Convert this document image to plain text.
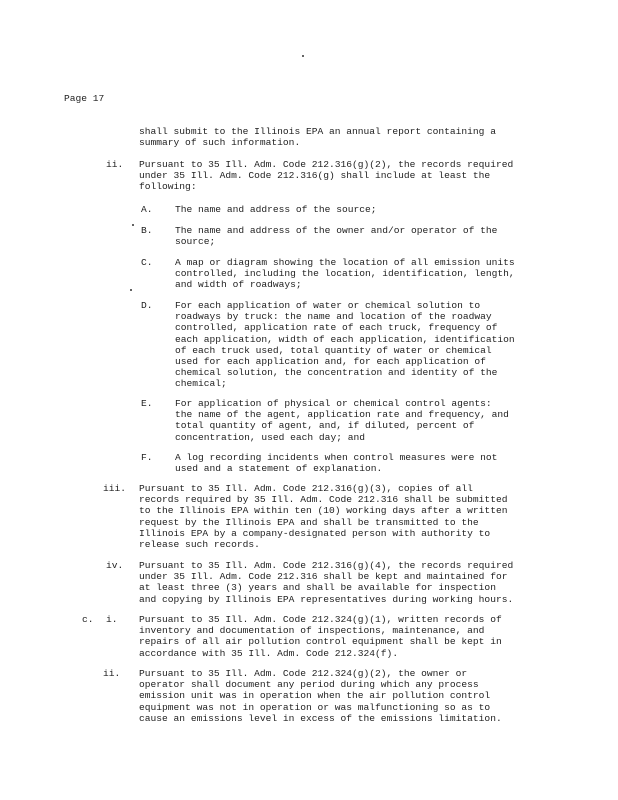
Page 17
shall submit to the Illinois EPA an annual report containing a
summary of such information.
ii. Pursuant to 35 Ill. Adm. Code 212.316(g)(2), the records required
under 35 Ill. Adm. Code 212.316(g) shall include at least the
following:
A. The name and address of the source;
B. The name and address of the owner and/or operator of the
source;
C. A map or diagram showing the location of all emission units
controlled, including the location, identification, length,
and width of roadways;
D. For each application of water or chemical solution to
roadways by truck: the name and location of the roadway
controlled, application rate of each truck, frequency of
each application, width of each application, identification
of each truck used, total quantity of water or chemical
used for each application and, for each application of
chemical solution, the concentration and identity of the
chemical;
E. For application of physical or chemical control agents:
the name of the agent, application rate and frequency, and
total quantity of agent, and, if diluted, percent of
concentration, used each day; and
F. A log recording incidents when control measures were not
used and a statement of explanation.
iii. Pursuant to 35 Ill. Adm. Code 212.316(g)(3), copies of all
records required by 35 Ill. Adm. Code 212.316 shall be submitted
to the Illinois EPA within ten (10) working days after a written
request by the Illinois EPA and shall be transmitted to the
Illinois EPA by a company-designated person with authority to
release such records.
iv. Pursuant to 35 Ill. Adm. Code 212.316(g)(4), the records required
under 35 Ill. Adm. Code 212.316 shall be kept and maintained for
at least three (3) years and shall be available for inspection
and copying by Illinois EPA representatives during working hours.
c. i. Pursuant to 35 Ill. Adm. Code 212.324(g)(1), written records of
inventory and documentation of inspections, maintenance, and
repairs of all air pollution control equipment shall be kept in
accordance with 35 Ill. Adm. Code 212.324(f).
ii. Pursuant to 35 Ill. Adm. Code 212.324(g)(2), the owner or
operator shall document any period during which any process
emission unit was in operation when the air pollution control
equipment was not in operation or was malfunctioning so as to
cause an emissions level in excess of the emissions limitation.
